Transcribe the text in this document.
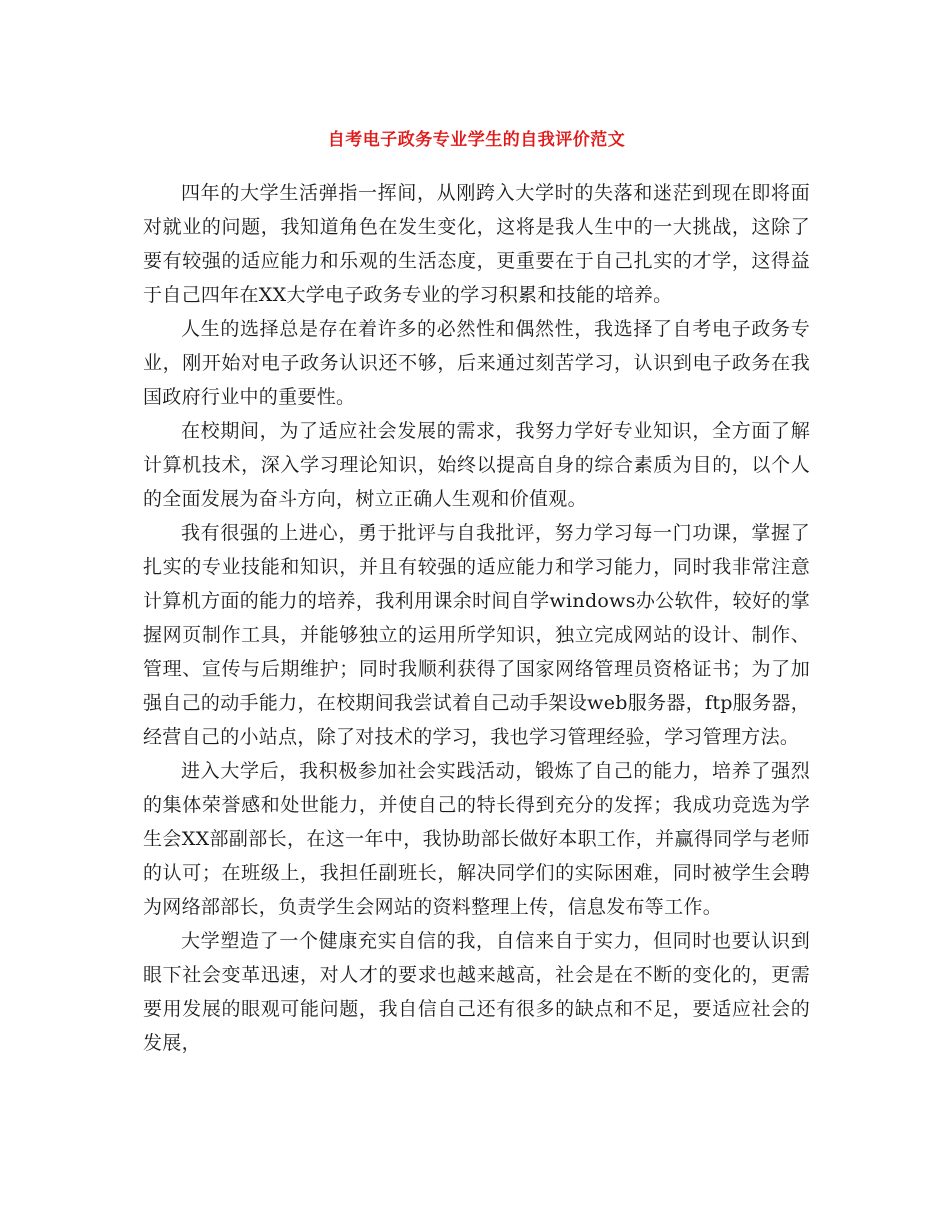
自考电子政务专业学生的自我评价范文

四年的大学生活弹指一挥间，从刚跨入大学时的失落和迷茫到现在即将面对就业的问题，我知道角色在发生变化，这将是我人生中的一大挑战，这除了要有较强的适应能力和乐观的生活态度，更重要在于自己扎实的才学，这得益于自己四年在XX大学电子政务专业的学习积累和技能的培养。

人生的选择总是存在着许多的必然性和偶然性，我选择了自考电子政务专业，刚开始对电子政务认识还不够，后来通过刻苦学习，认识到电子政务在我国政府行业中的重要性。

在校期间，为了适应社会发展的需求，我努力学好专业知识，全方面了解计算机技术，深入学习理论知识，始终以提高自身的综合素质为目的，以个人的全面发展为奋斗方向，树立正确人生观和价值观。

我有很强的上进心，勇于批评与自我批评，努力学习每一门功课，掌握了扎实的专业技能和知识，并且有较强的适应能力和学习能力，同时我非常注意计算机方面的能力的培养，我利用课余时间自学windows办公软件，较好的掌握网页制作工具，并能够独立的运用所学知识，独立完成网站的设计、制作、管理、宣传与后期维护；同时我顺利获得了国家网络管理员资格证书；为了加强自己的动手能力，在校期间我尝试着自己动手架设web服务器，ftp服务器，经营自己的小站点，除了对技术的学习，我也学习管理经验，学习管理方法。

进入大学后，我积极参加社会实践活动，锻炼了自己的能力，培养了强烈的集体荣誉感和处世能力，并使自己的特长得到充分的发挥；我成功竞选为学生会XX部副部长，在这一年中，我协助部长做好本职工作，并赢得同学与老师的认可；在班级上，我担任副班长，解决同学们的实际困难，同时被学生会聘为网络部部长，负责学生会网站的资料整理上传，信息发布等工作。

大学塑造了一个健康充实自信的我，自信来自于实力，但同时也要认识到眼下社会变革迅速，对人才的要求也越来越高，社会是在不断的变化的，更需要用发展的眼观可能问题，我自信自己还有很多的缺点和不足，要适应社会的发展，
